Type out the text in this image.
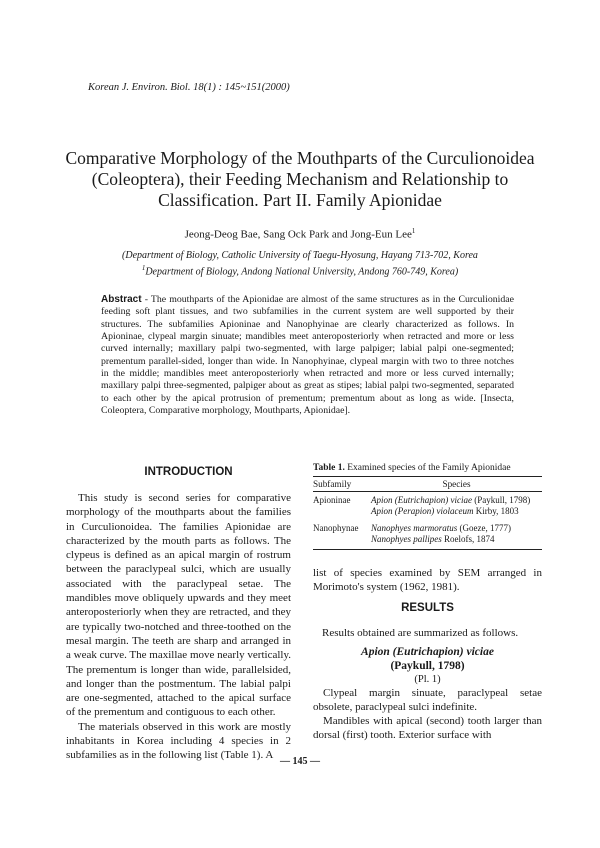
Korean J. Environ. Biol. 18(1) : 145~151(2000)
Comparative Morphology of the Mouthparts of the Curculionoidea (Coleoptera), their Feeding Mechanism and Relationship to Classification. Part II. Family Apionidae
Jeong-Deog Bae, Sang Ock Park and Jong-Eun Lee$^1$
(Department of Biology, Catholic University of Taegu-Hyosung, Hayang 713-702, Korea
$^1$Department of Biology, Andong National University, Andong 760-749, Korea)
Abstract - The mouthparts of the Apionidae are almost of the same structures as in the Curculionidae feeding soft plant tissues, and two subfamilies in the current system are well supported by their structures. The subfamilies Apioninae and Nanophyinae are clearly characterized as follows. In Apioninae, clypeal margin sinuate; mandibles meet anteroposteriorly when retracted and more or less curved internally; maxillary palpi two-segmented, with large palpiger; labial palpi one-segmented; prementum parallel-sided, longer than wide. In Nanophyinae, clypeal margin with two to three notches in the middle; mandibles meet anteroposteriorly when retracted and more or less curved internally; maxillary palpi three-segmented, palpiger about as great as stipes; labial palpi two-segmented, separated to each other by the apical protrusion of prementum; prementum about as long as wide. [Insecta, Coleoptera, Comparative morphology, Mouthparts, Apionidae].
INTRODUCTION

This study is second series for comparative morphology of the mouthparts about the families in Curculionoidea. The families Apionidae are characterized by the mouth parts as follows. The clypeus is defined as an apical margin of rostrum between the paraclypeal sulci, which are usually associated with the paraclypeal setae. The mandibles move obliquely upwards and they meet anteroposteriorly when they are retracted, and they are typically two-notched and three-toothed on the mesal margin. The teeth are sharp and arranged in a weak curve. The maxillae move nearly vertically. The prementum is longer than wide, parallelsided, and longer than the postmentum. The labial palpi are one-segmented, attached to the apical surface of the prementum and contiguous to each other.

The materials observed in this work are mostly inhabitants in Korea including 4 species in 2 subfamilies as in the following list (Table 1). A

Table 1. Examined species of the Family Apionidae
Subfamily	Species
Apioninae	Apion (Eutrichapion) viciae (Paykull, 1798)
Apion (Perapion) violaceum Kirby, 1803

Nanophynae	Nanophyes marmoratus (Goeze, 1777)
Nanophyes pallipes Roelofs, 1874

list of species examined by SEM arranged in Morimoto's system (1962, 1981).

RESULTS
Results obtained are summarized as follows.
Apion (Eutrichapion) viciae
(Paykull, 1798)
(Pl. 1)

Clypeal margin sinuate, paraclypeal setae obsolete, paraclypeal sulci indefinite.

Mandibles with apical (second) tooth larger than dorsal (first) tooth. Exterior surface with

— 145 —
